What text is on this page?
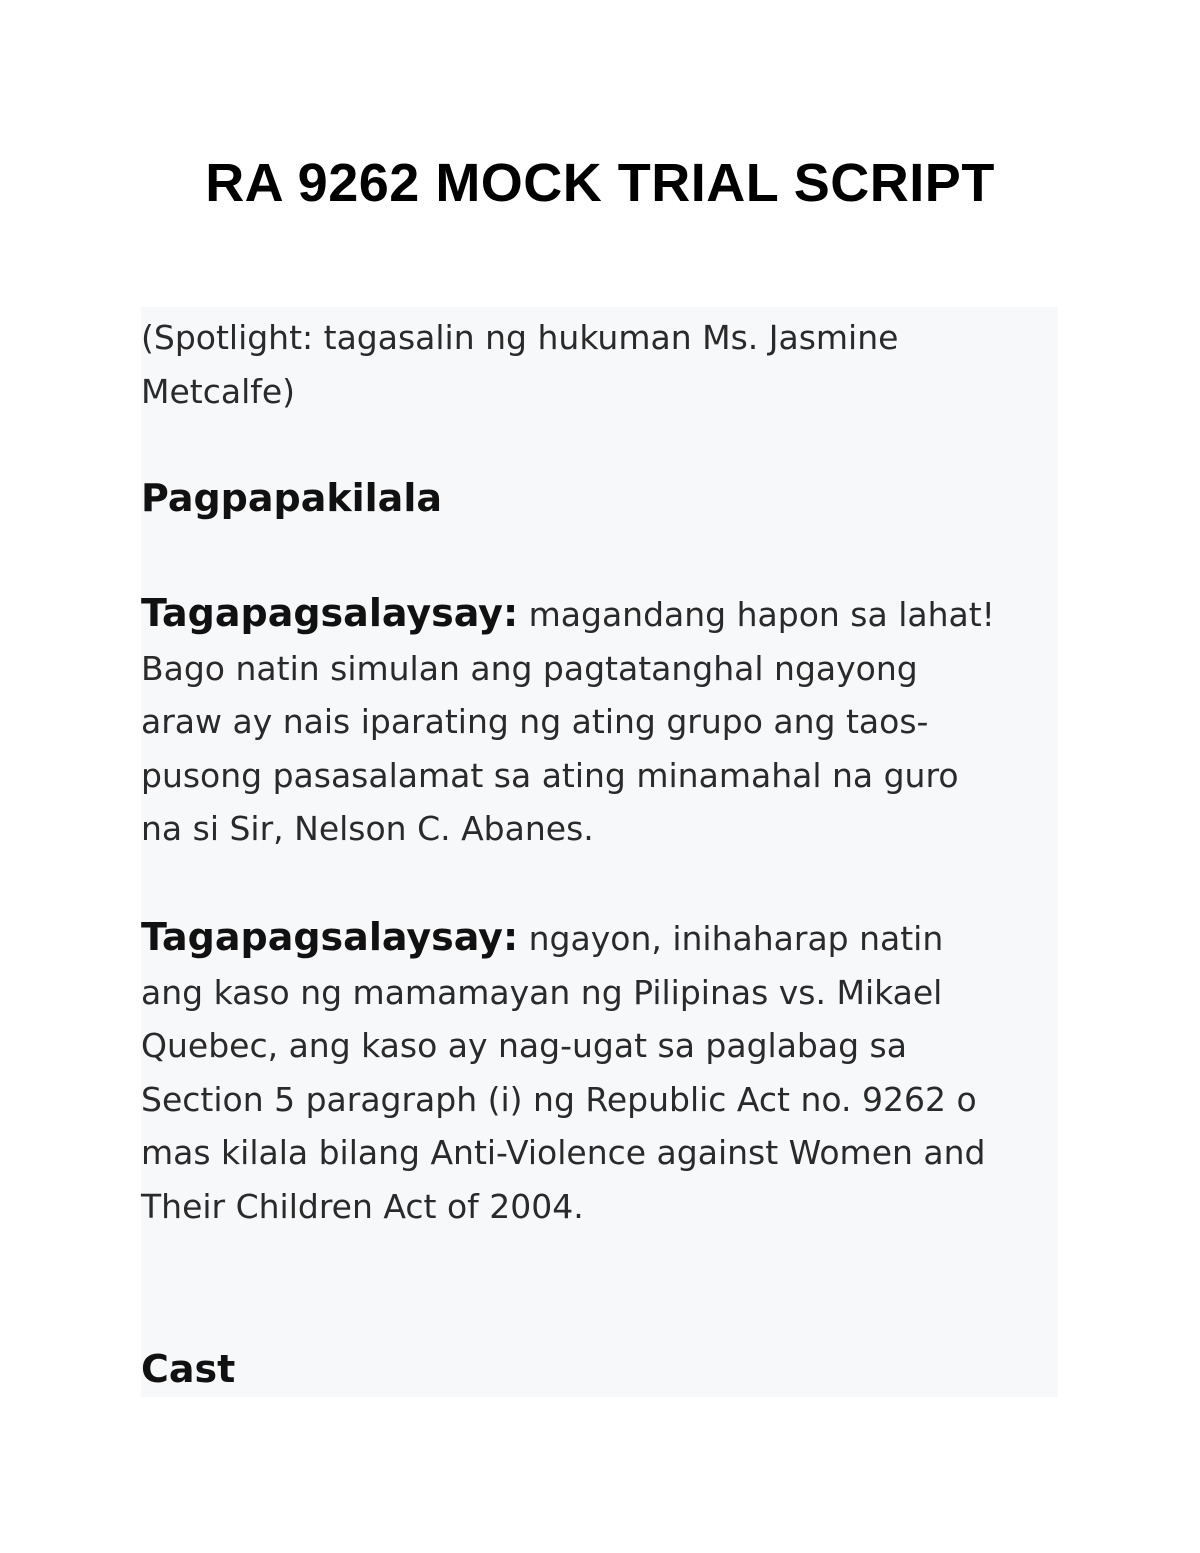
RA 9262 MOCK TRIAL SCRIPT

(Spotlight: tagasalin ng hukuman Ms. Jasmine
Metcalfe)

Pagpapakilala

Tagapagsalaysay: magandang hapon sa lahat!
Bago natin simulan ang pagtatanghal ngayong
araw ay nais iparating ng ating grupo ang taos-
pusong pasasalamat sa ating minamahal na guro
na si Sir, Nelson C. Abanes.

Tagapagsalaysay: ngayon, inihaharap natin
ang kaso ng mamamayan ng Pilipinas vs. Mikael
Quebec, ang kaso ay nag-ugat sa paglabag sa
Section 5 paragraph (i) ng Republic Act no. 9262 o
mas kilala bilang Anti-Violence against Women and
Their Children Act of 2004.

Cast
